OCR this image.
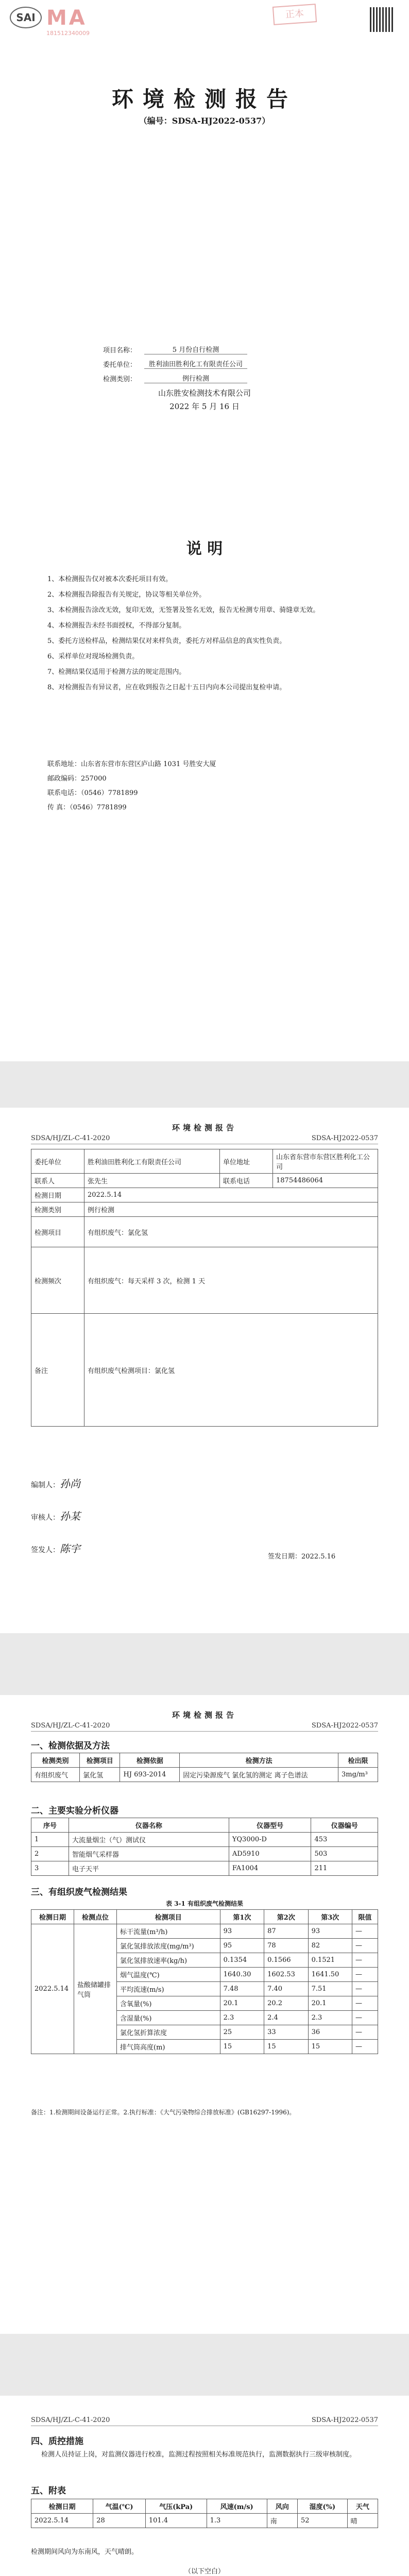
SAI MA
181512340009
正本
环境检测报告
（编号：SDSA-HJ2022-0537）
项目名称：	5 月份自行检测
委托单位：	胜利油田胜利化工有限责任公司
检测类别：	例行检测
山东胜安检测技术有限公司
2022 年 5 月 16 日
说 明
1、本检测报告仅对被本次委托项目有效。
2、本检测报告除报告有关规定，协议等相关单位外。
3、本检测报告涂改无效，复印无效，无签署及签名无效，报告无检测专用章、骑缝章无效。
4、本检测报告未经书面授权，不得部分复制。
5、委托方送检样品，检测结果仅对来样负责，委托方对样品信息的真实性负责。
6、采样单位对现场检测负责。
7、检测结果仅适用于检测方法的规定范围内。
8、对检测报告有异议者，应在收到报告之日起十五日内向本公司提出复检申请。
联系地址：山东省东营市东营区庐山路 1031 号胜安大厦
邮政编码：257000
联系电话：（0546）7781899
传 真：（0546）7781899
环境检测报告
SDSA/HJ/ZL-C-41-2020	SDSA-HJ2022-0537
委托单位	胜利油田胜利化工有限责任公司	单位地址	山东省东营市东营区胜利化工公司
联系人	张先生	联系电话	18754486064
检测日期	2022.5.14		
检测类别	例行检测		
检测项目	有组织废气：氯化氢		
检测频次	有组织废气：每天采样 3 次，检测 1 天		
备注	有组织废气检测项目：氯化氢		
编制人：孙尚
审核人：孙某
签发人：陈宇
签发日期：2022.5.16
环境检测报告
SDSA/HJ/ZL-C-41-2020	SDSA-HJ2022-0537
一、检测依据及方法
检测类别	检测项目	检测依据	检测方法	检出限
有组织废气	氯化氢	HJ 693-2014	固定污染源废气 氯化氢的测定 离子色谱法	3mg/m³
二、主要实验分析仪器
序号	仪器名称	仪器型号	仪器编号
1	大流量烟尘（气）测试仪	YQ3000-D	453
2	智能烟气采样器	AD5910	503
3	电子天平	FA1004	211
三、有组织废气检测结果
表 3-1 有组织废气检测结果
检测日期	检测点位	检测项目	第1次	第2次	第3次	限值
2022.5.14	盐酸储罐排气筒	标干流量(m³/h)	93	87	93	—
		氯化氢排放浓度(mg/m³)	95	78	82	—
		氯化氢排放速率(kg/h)	0.1354	0.1566	0.1521	—
		烟气温度(℃)	1640.30	1602.53	1641.50	—
		平均流速(m/s)	7.48	7.40	7.51	—
		含氧量(%)	20.1	20.2	20.1	—
		含湿量(%)	2.3	2.4	2.3	—
		氯化氢折算浓度	25	33	36	—
		排气筒高度(m)	15	15	15	—
备注：1.检测期间设备运行正常。2.执行标准：《大气污染物综合排放标准》(GB16297-1996)。
SDSA/HJ/ZL-C-41-2020	SDSA-HJ2022-0537
四、质控措施
检测人员持证上岗，对监测仪器进行校准，监测过程按照相关标准规范执行，监测数据执行三级审核制度。
五、附表
检测日期	气温(℃)	气压(kPa)	风速(m/s)	风向	湿度(%)	天气
2022.5.14	28	101.4	1.3	南	52	晴
检测期间风向为东南风，天气晴朗。
（以下空白）
